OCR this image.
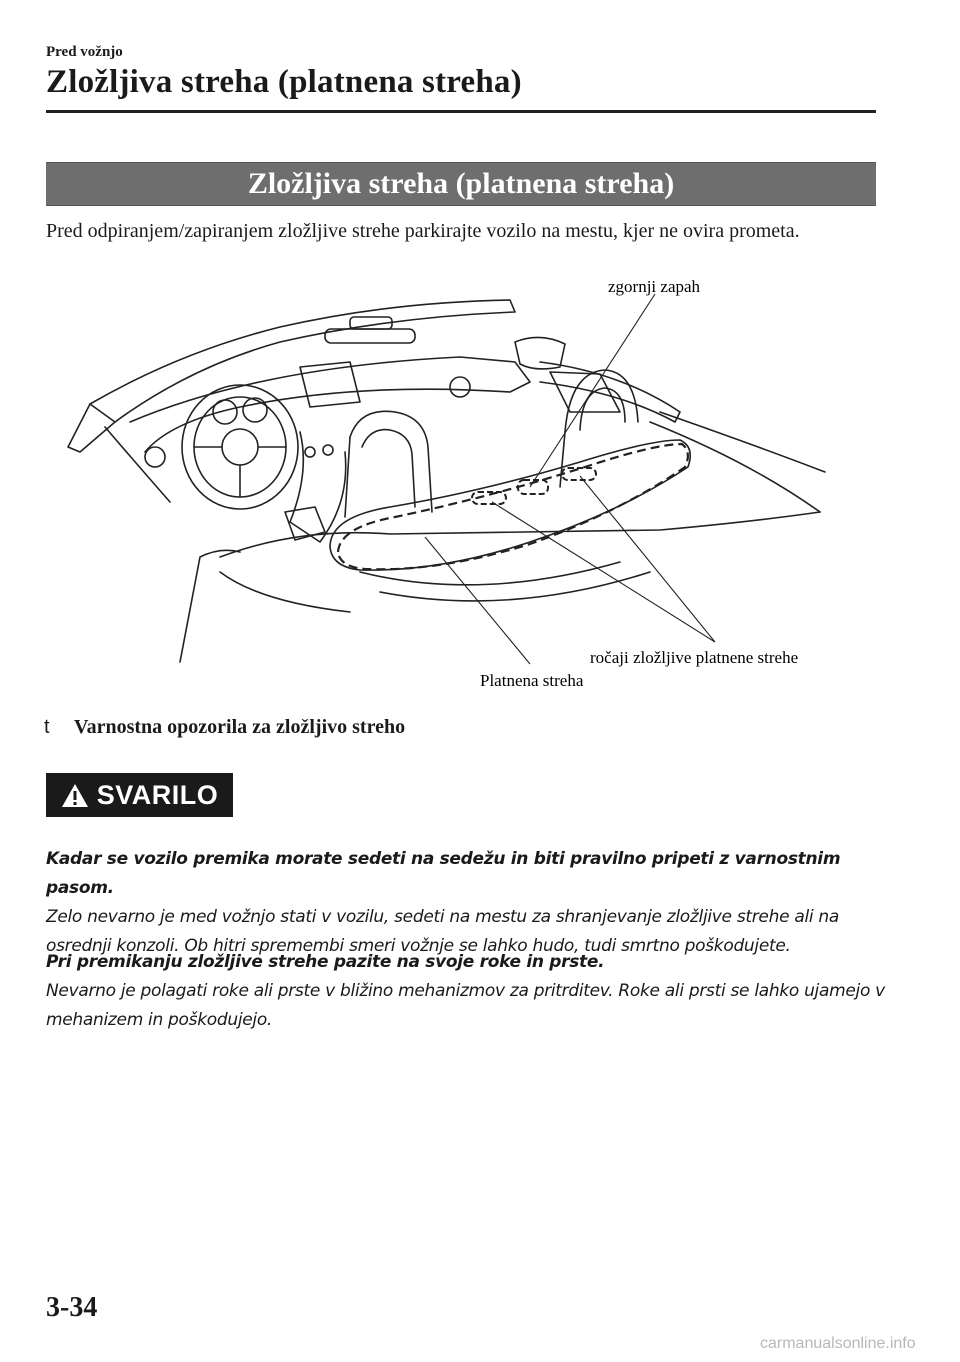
Pred vožnjo
Zložljiva streha (platnena streha)
Zložljiva streha (platnena streha)
Pred odpiranjem/zapiranjem zložljive strehe parkirajte vozilo na mestu, kjer ne ovira prometa.
zgornji zapah
ročaji zložljive platnene strehe
Platnena streha
t	Varnostna opozorila za zložljivo streho
SVARILO
Kadar se vozilo premika morate sedeti na sedežu in biti pravilno pripeti z varnostnim pasom.
Zelo nevarno je med vožnjo stati v vozilu, sedeti na mestu za shranjevanje zložljive strehe ali na osrednji konzoli. Ob hitri spremembi smeri vožnje se lahko hudo, tudi smrtno poškodujete.
Pri premikanju zložljive strehe pazite na svoje roke in prste.
Nevarno je polagati roke ali prste v bližino mehanizmov za pritrditev. Roke ali prsti se lahko ujamejo v mehanizem in poškodujejo.
3-34
carmanualsonline.info
